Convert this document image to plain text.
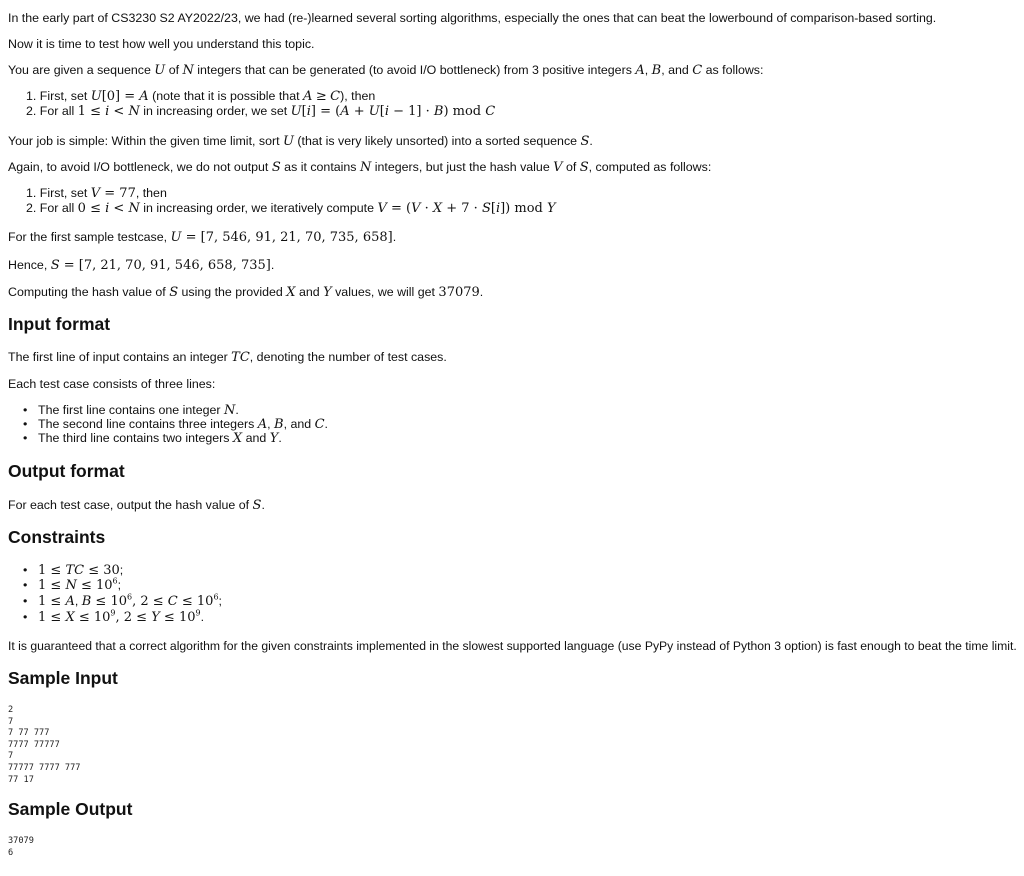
In the early part of CS3230 S2 AY2022/23, we had (re-)learned several sorting algorithms, especially the ones that can beat the lowerbound of comparison-based sorting.

Now it is time to test how well you understand this topic.

You are given a sequence U of N integers that can be generated (to avoid I/O bottleneck) from 3 positive integers A, B, and C as follows:

1. First, set U[0] = A (note that it is possible that A ≥ C), then

2. For all 1 ≤ i < N in increasing order, we set U[i] = (A + U[i − 1] · B) mod C

Your job is simple: Within the given time limit, sort U (that is very likely unsorted) into a sorted sequence S.

Again, to avoid I/O bottleneck, we do not output S as it contains N integers, but just the hash value V of S, computed as follows:

1. First, set V = 77, then

2. For all 0 ≤ i < N in increasing order, we iteratively compute V = (V · X + 7 · S[i]) mod Y

For the first sample testcase, U = [7, 546, 91, 21, 70, 735, 658].

Hence, S = [7, 21, 70, 91, 546, 658, 735].

Computing the hash value of S using the provided X and Y values, we will get 37079.

Input format

The first line of input contains an integer TC, denoting the number of test cases.

Each test case consists of three lines:

• The first line contains one integer N.

• The second line contains three integers A, B, and C.

• The third line contains two integers X and Y.

Output format

For each test case, output the hash value of S.

Constraints

• 1 ≤ TC ≤ 30;

• $1 \le N \le 10^6$;

• 1 ≤ A, $B \le 10^6$, $2 \le C \le 10^6$;

• $1 \le X \le 10^9$, $2 \le Y \le 10^9$.

It is guaranteed that a correct algorithm for the given constraints implemented in the slowest supported language (use PyPy instead of Python 3 option) is fast enough to beat the time limit.

Sample Input
2
7
7 77 777
7777 77777
7
77777 7777 777
77 17
Sample Output
37079
6
